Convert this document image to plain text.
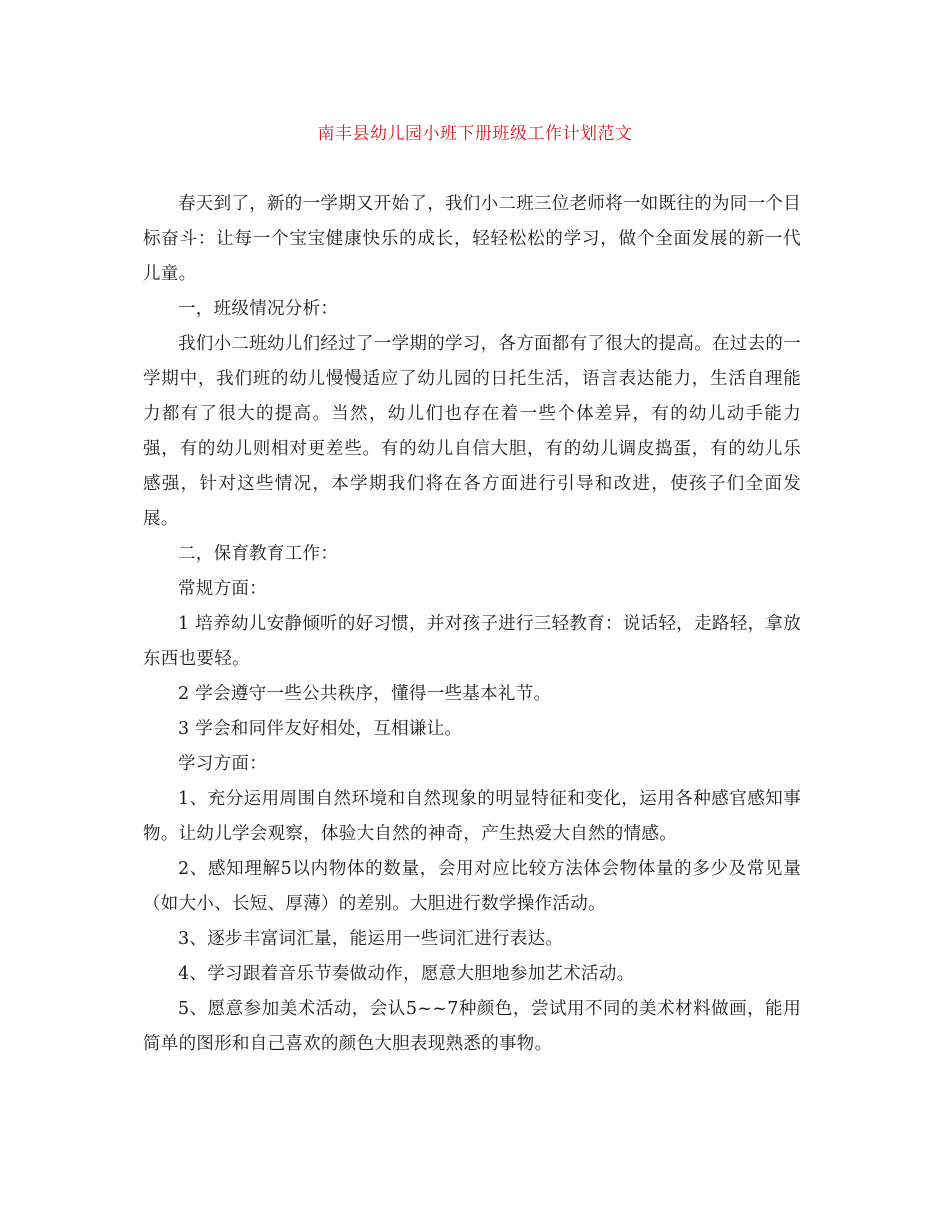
南丰县幼儿园小班下册班级工作计划范文

春天到了，新的一学期又开始了，我们小二班三位老师将一如既往的为同一个目标奋斗：让每一个宝宝健康快乐的成长，轻轻松松的学习，做个全面发展的新一代儿童。

一，班级情况分析：

我们小二班幼儿们经过了一学期的学习，各方面都有了很大的提高。在过去的一学期中，我们班的幼儿慢慢适应了幼儿园的日托生活，语言表达能力，生活自理能力都有了很大的提高。当然，幼儿们也存在着一些个体差异，有的幼儿动手能力强，有的幼儿则相对更差些。有的幼儿自信大胆，有的幼儿调皮捣蛋，有的幼儿乐感强，针对这些情况，本学期我们将在各方面进行引导和改进，使孩子们全面发展。

二，保育教育工作：

常规方面：

1 培养幼儿安静倾听的好习惯，并对孩子进行三轻教育：说话轻，走路轻，拿放东西也要轻。

2 学会遵守一些公共秩序，懂得一些基本礼节。

3 学会和同伴友好相处，互相谦让。

学习方面：

1、充分运用周围自然环境和自然现象的明显特征和变化，运用各种感官感知事物。让幼儿学会观察，体验大自然的神奇，产生热爱大自然的情感。

2、感知理解5以内物体的数量，会用对应比较方法体会物体量的多少及常见量（如大小、长短、厚薄）的差别。大胆进行数学操作活动。

3、逐步丰富词汇量，能运用一些词汇进行表达。

4、学习跟着音乐节奏做动作，愿意大胆地参加艺术活动。

5、愿意参加美术活动，会认5~~7种颜色，尝试用不同的美术材料做画，能用简单的图形和自己喜欢的颜色大胆表现熟悉的事物。
